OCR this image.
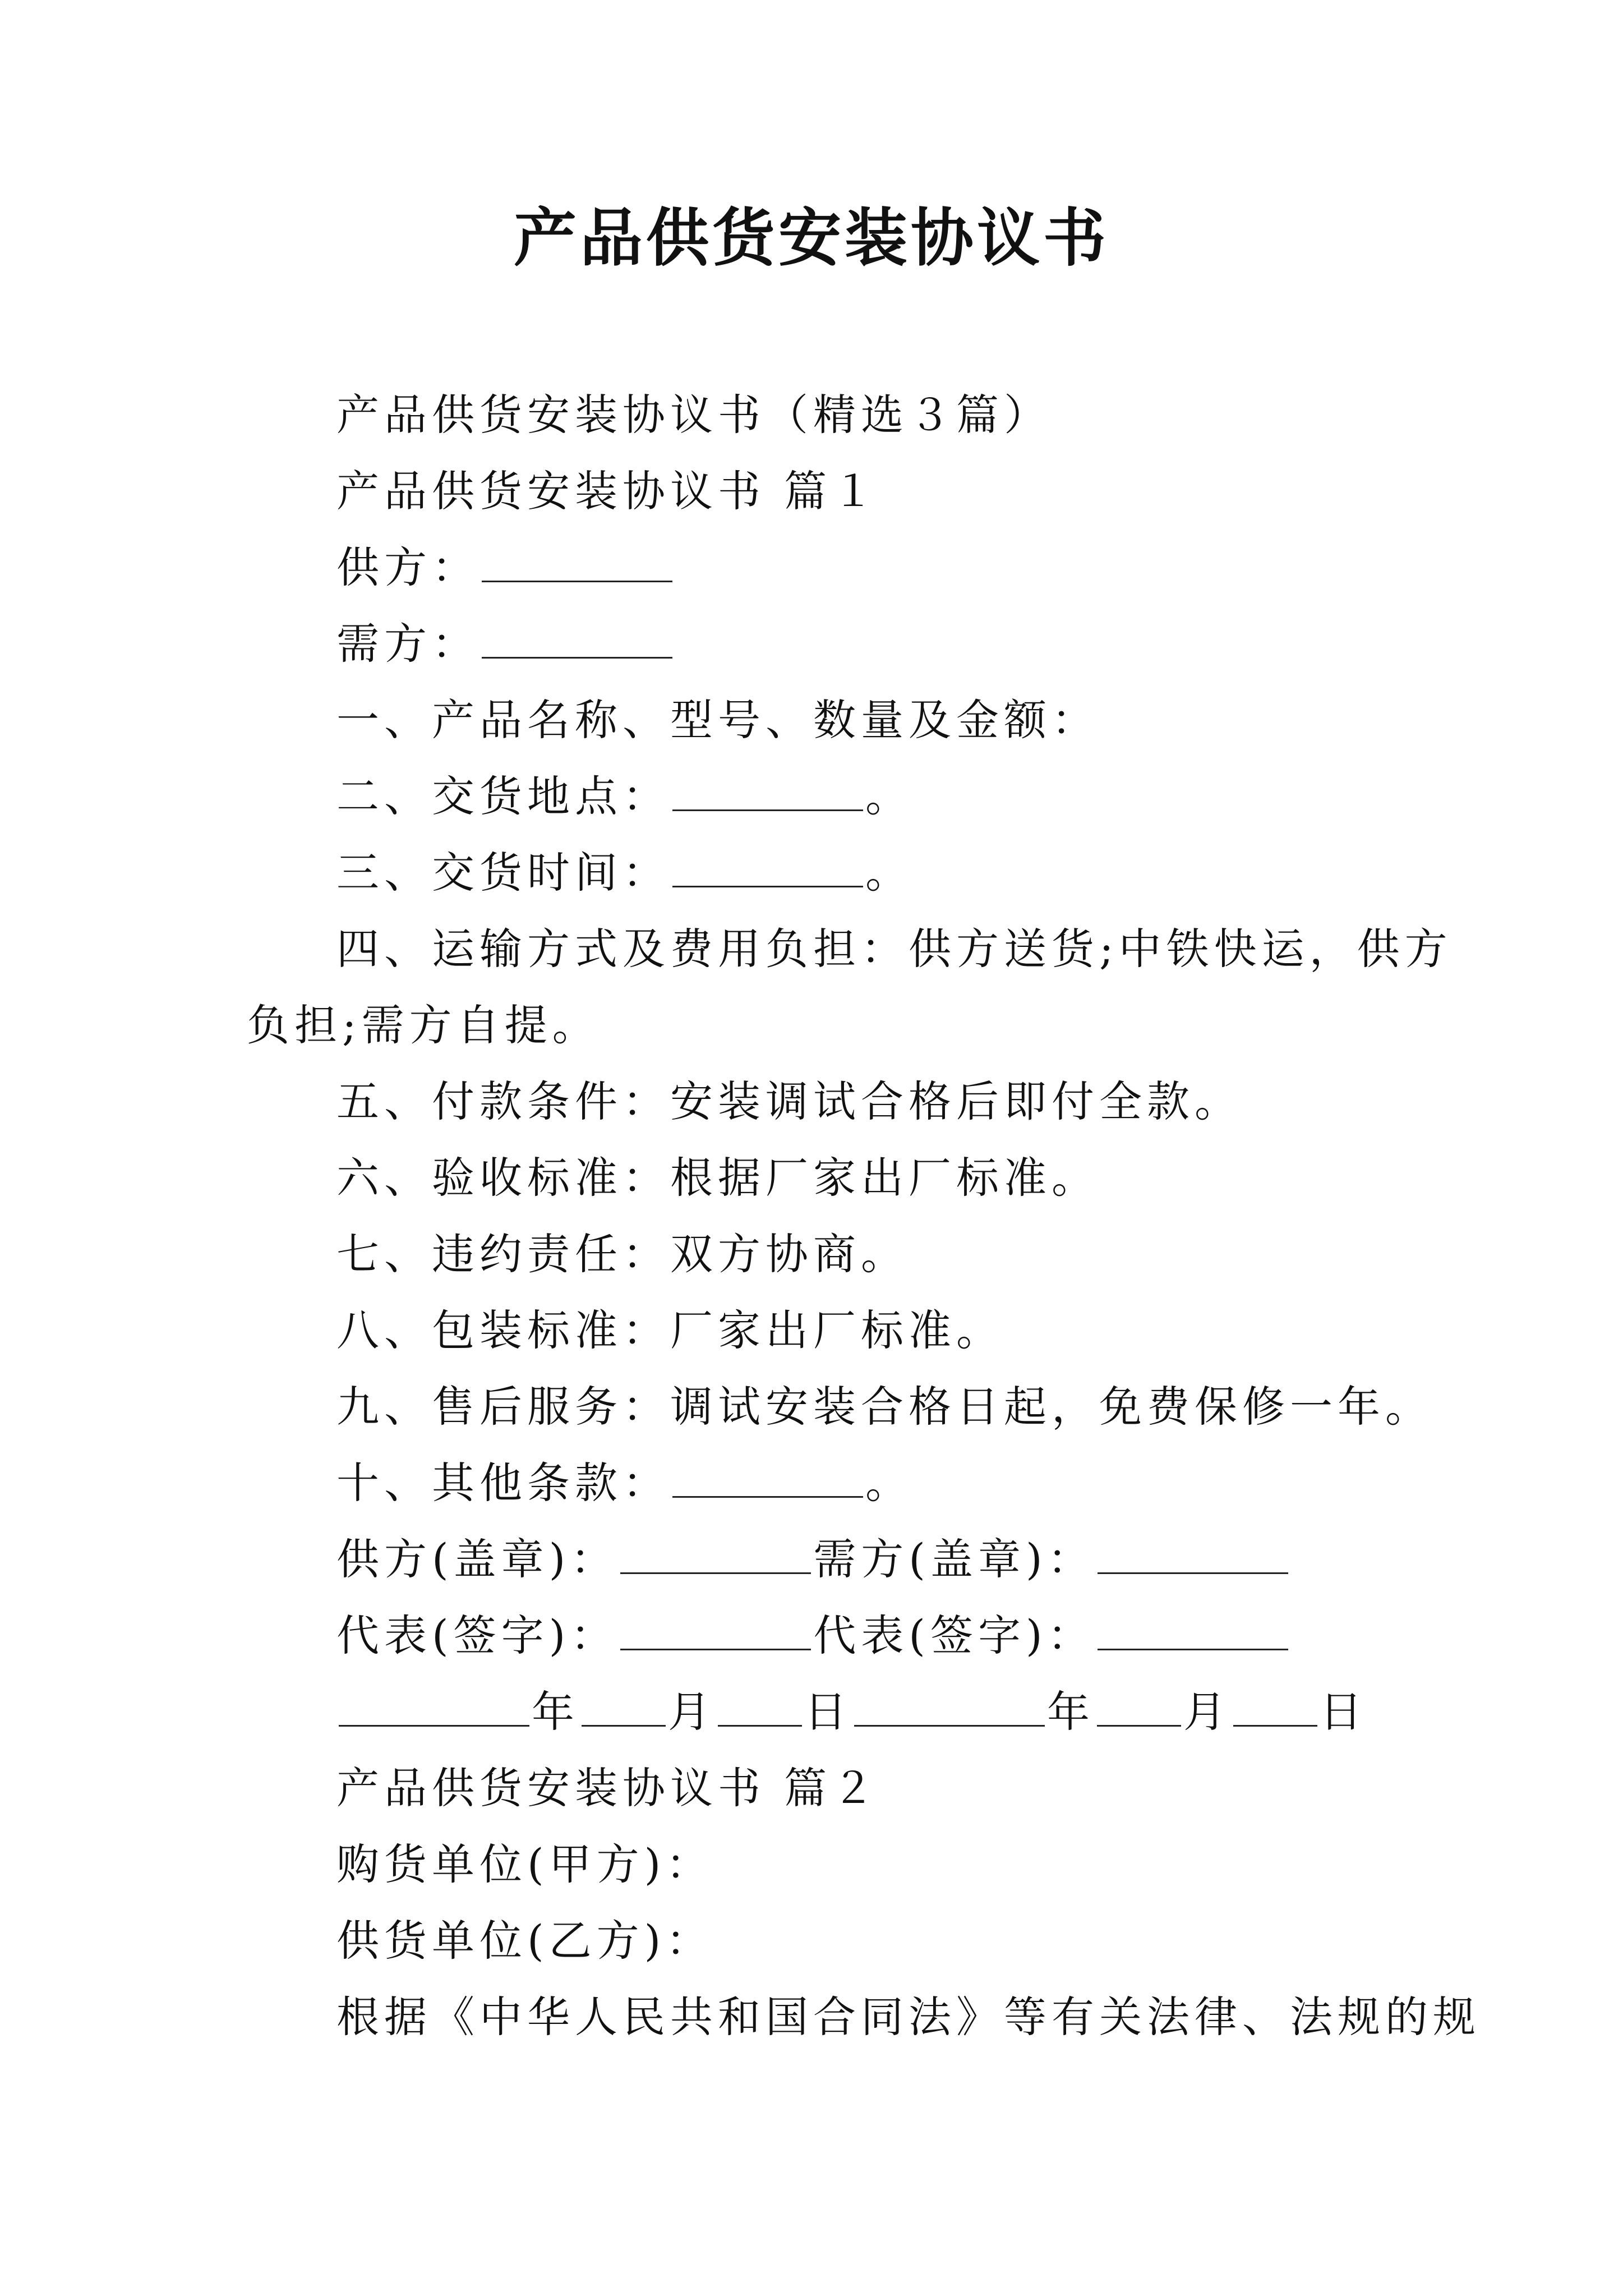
产品供货安装协议书
产品供货安装协议书（精选３篇）
产品供货安装协议书 篇１
供方：
需方：
一、产品名称、型号、数量及金额：
二、交货地点：	。
三、交货时间：	。
四、运输方式及费用负担：供方送货;中铁快运，供方
负担;需方自提。
五、付款条件：安装调试合格后即付全款。
六、验收标准：根据厂家出厂标准。
七、违约责任：双方协商。
八、包装标准：厂家出厂标准。
九、售后服务：调试安装合格日起，免费保修一年。
十、其他条款：	。
供方(盖章)：	需方(盖章)：
代表(签字)：	代表(签字)：
年 月 日	年 月 日
产品供货安装协议书 篇２
购货单位(甲方)：
供货单位(乙方)：
根据《中华人民共和国合同法》等有关法律、法规的规
